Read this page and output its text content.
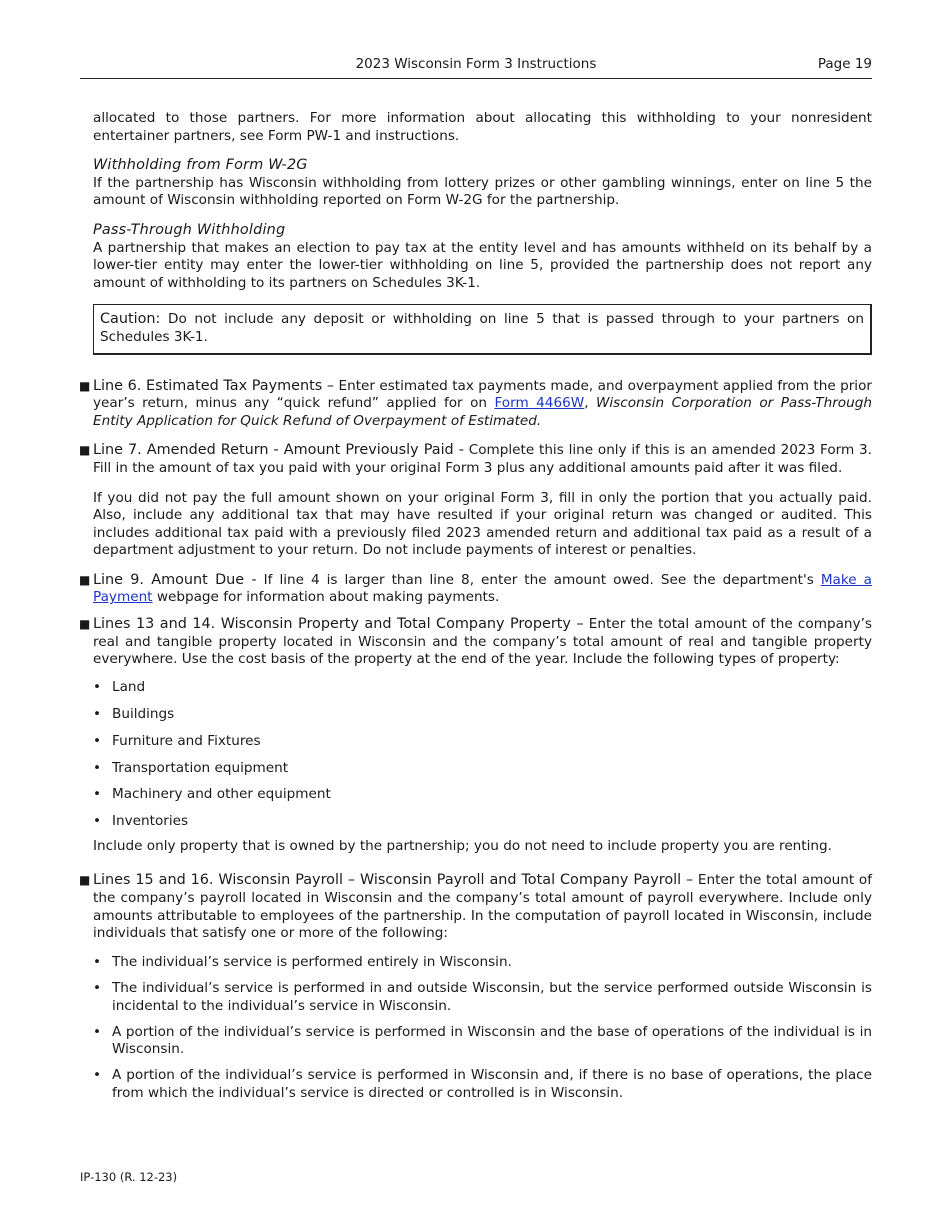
2023 Wisconsin Form 3 Instructions	Page 19

allocated to those partners. For more information about allocating this withholding to your nonresident entertainer partners, see Form PW-1 and instructions.

Withholding from Form W-2G

If the partnership has Wisconsin withholding from lottery prizes or other gambling winnings, enter on line 5 the amount of Wisconsin withholding reported on Form W-2G for the partnership.

Pass-Through Withholding

A partnership that makes an election to pay tax at the entity level and has amounts withheld on its behalf by a lower-tier entity may enter the lower-tier withholding on line 5, provided the partnership does not report any amount of withholding to its partners on Schedules 3K-1.

Caution: Do not include any deposit or withholding on line 5 that is passed through to your partners on Schedules 3K-1.
■ Line 6. Estimated Tax Payments – Enter estimated tax payments made, and overpayment applied from the prior year’s return, minus any “quick refund” applied for on Form 4466W, Wisconsin Corporation or Pass-Through Entity Application for Quick Refund of Overpayment of Estimated.

■ Line 7. Amended Return - Amount Previously Paid - Complete this line only if this is an amended 2023 Form 3. Fill in the amount of tax you paid with your original Form 3 plus any additional amounts paid after it was filed.

If you did not pay the full amount shown on your original Form 3, fill in only the portion that you actually paid. Also, include any additional tax that may have resulted if your original return was changed or audited. This includes additional tax paid with a previously filed 2023 amended return and additional tax paid as a result of a department adjustment to your return. Do not include payments of interest or penalties.

■ Line 9. Amount Due - If line 4 is larger than line 8, enter the amount owed. See the department's Make a Payment webpage for information about making payments.

■ Lines 13 and 14. Wisconsin Property and Total Company Property – Enter the total amount of the company’s real and tangible property located in Wisconsin and the company’s total amount of real and tangible property everywhere. Use the cost basis of the property at the end of the year. Include the following types of property:

• Land
• Buildings
• Furniture and Fixtures
• Transportation equipment
• Machinery and other equipment
• Inventories

Include only property that is owned by the partnership; you do not need to include property you are renting.

■ Lines 15 and 16. Wisconsin Payroll – Wisconsin Payroll and Total Company Payroll – Enter the total amount of the company’s payroll located in Wisconsin and the company’s total amount of payroll everywhere. Include only amounts attributable to employees of the partnership. In the computation of payroll located in Wisconsin, include individuals that satisfy one or more of the following:

• The individual’s service is performed entirely in Wisconsin.
• The individual’s service is performed in and outside Wisconsin, but the service performed outside Wisconsin is incidental to the individual’s service in Wisconsin.
• A portion of the individual’s service is performed in Wisconsin and the base of operations of the individual is in Wisconsin.
• A portion of the individual’s service is performed in Wisconsin and, if there is no base of operations, the place from which the individual’s service is directed or controlled is in Wisconsin.
IP-130 (R. 12-23)
